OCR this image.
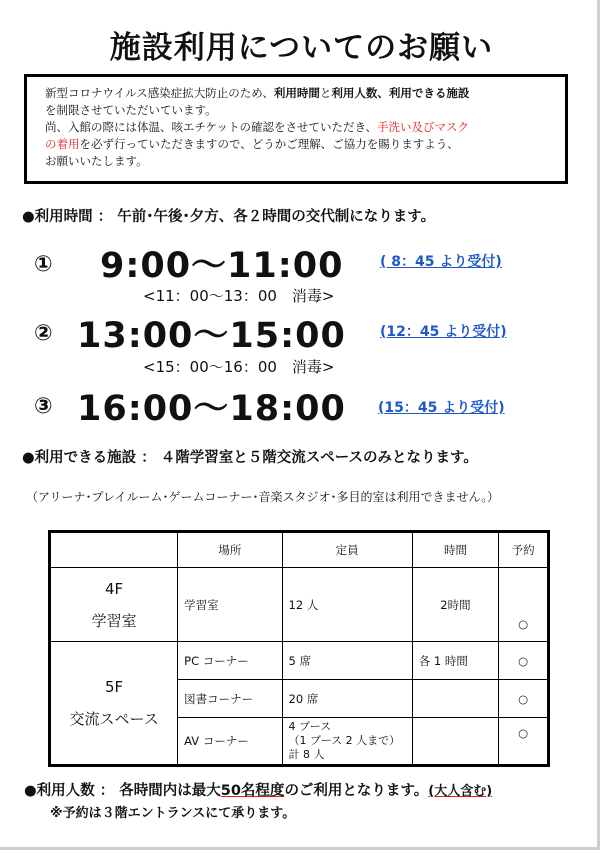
施設利用についてのお願い
新型コロナウイルス感染症拡大防止のため、利用時間と利用人数、利用できる施設
を制限させていただいています。
尚、入館の際には体温、咳エチケットの確認をさせていただき、手洗い及びマスク
の着用を必ず行っていただきますので、どうかご理解、ご協力を賜りますよう、
お願いいたします。
●利用時間 ： 午前･午後･夕方、各２時間の交代制になります。
① 9:00〜11:00	( 8：45 より受付)
<11：00〜13：00　消毒>
② 13:00〜15:00 (12：45 より受付)
<15：00〜16：00　消毒>
③ 16:00〜18:00 (15：45 より受付)
●利用できる施設 ： ４階学習室と５階交流スペースのみとなります。
（アリーナ･プレイルーム･ゲームコーナー･音楽スタジオ･多目的室は利用できません。）
	場所	定員	時間	予約

4F
学習室	学習室	12 人	2時間	○

5F
交流スペース	PC コーナー	5 席	各 1 時間	○
	図書コーナー	20 席		○
	AV コーナー	4 ブース
（1 ブース 2 人まで）
計 8 人		○
●利用人数 ： 各時間内は最大50名程度のご利用となります。(大人含む)
※予約は３階エントランスにて承ります。
